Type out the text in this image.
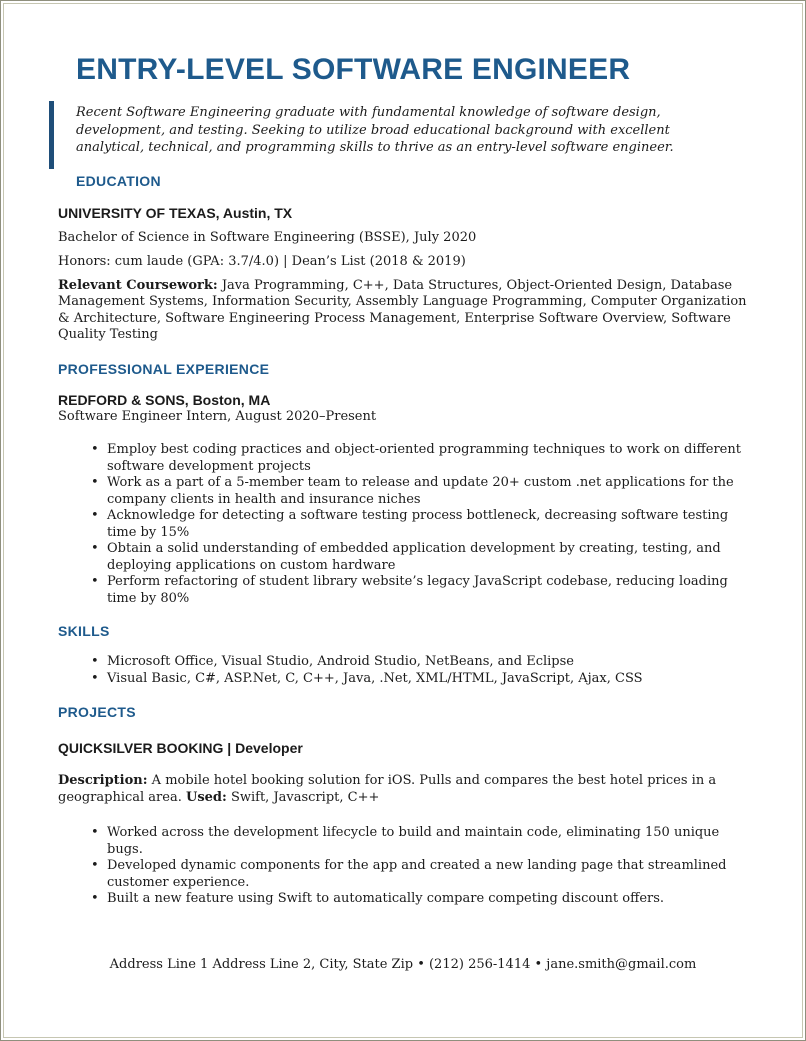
ENTRY-LEVEL SOFTWARE ENGINEER

Recent Software Engineering graduate with fundamental knowledge of software design, development, and testing. Seeking to utilize broad educational background with excellent analytical, technical, and programming skills to thrive as an entry-level software engineer.

EDUCATION
UNIVERSITY OF TEXAS, Austin, TX

Bachelor of Science in Software Engineering (BSSE), July 2020

Honors: cum laude (GPA: 3.7/4.0) | Dean’s List (2018 & 2019)

Relevant Coursework: Java Programming, C++, Data Structures, Object-Oriented Design, Database Management Systems, Information Security, Assembly Language Programming, Computer Organization & Architecture, Software Engineering Process Management, Enterprise Software Overview, Software Quality Testing

PROFESSIONAL EXPERIENCE
REDFORD & SONS, Boston, MA

Software Engineer Intern, August 2020–Present

• Employ best coding practices and object-oriented programming techniques to work on different software development projects
• Work as a part of a 5-member team to release and update 20+ custom .net applications for the company clients in health and insurance niches
• Acknowledge for detecting a software testing process bottleneck, decreasing software testing time by 15%
• Obtain a solid understanding of embedded application development by creating, testing, and deploying applications on custom hardware
• Perform refactoring of student library website’s legacy JavaScript codebase, reducing loading time by 80%
SKILLS
• Microsoft Office, Visual Studio, Android Studio, NetBeans, and Eclipse
• Visual Basic, C#, ASP.Net, C, C++, Java, .Net, XML/HTML, JavaScript, Ajax, CSS
PROJECTS
QUICKSILVER BOOKING | Developer

Description: A mobile hotel booking solution for iOS. Pulls and compares the best hotel prices in a geographical area. Used: Swift, Javascript, C++

• Worked across the development lifecycle to build and maintain code, eliminating 150 unique bugs.
• Developed dynamic components for the app and created a new landing page that streamlined customer experience.
• Built a new feature using Swift to automatically compare competing discount offers.

Address Line 1 Address Line 2, City, State Zip • (212) 256-1414 • jane.smith@gmail.com
